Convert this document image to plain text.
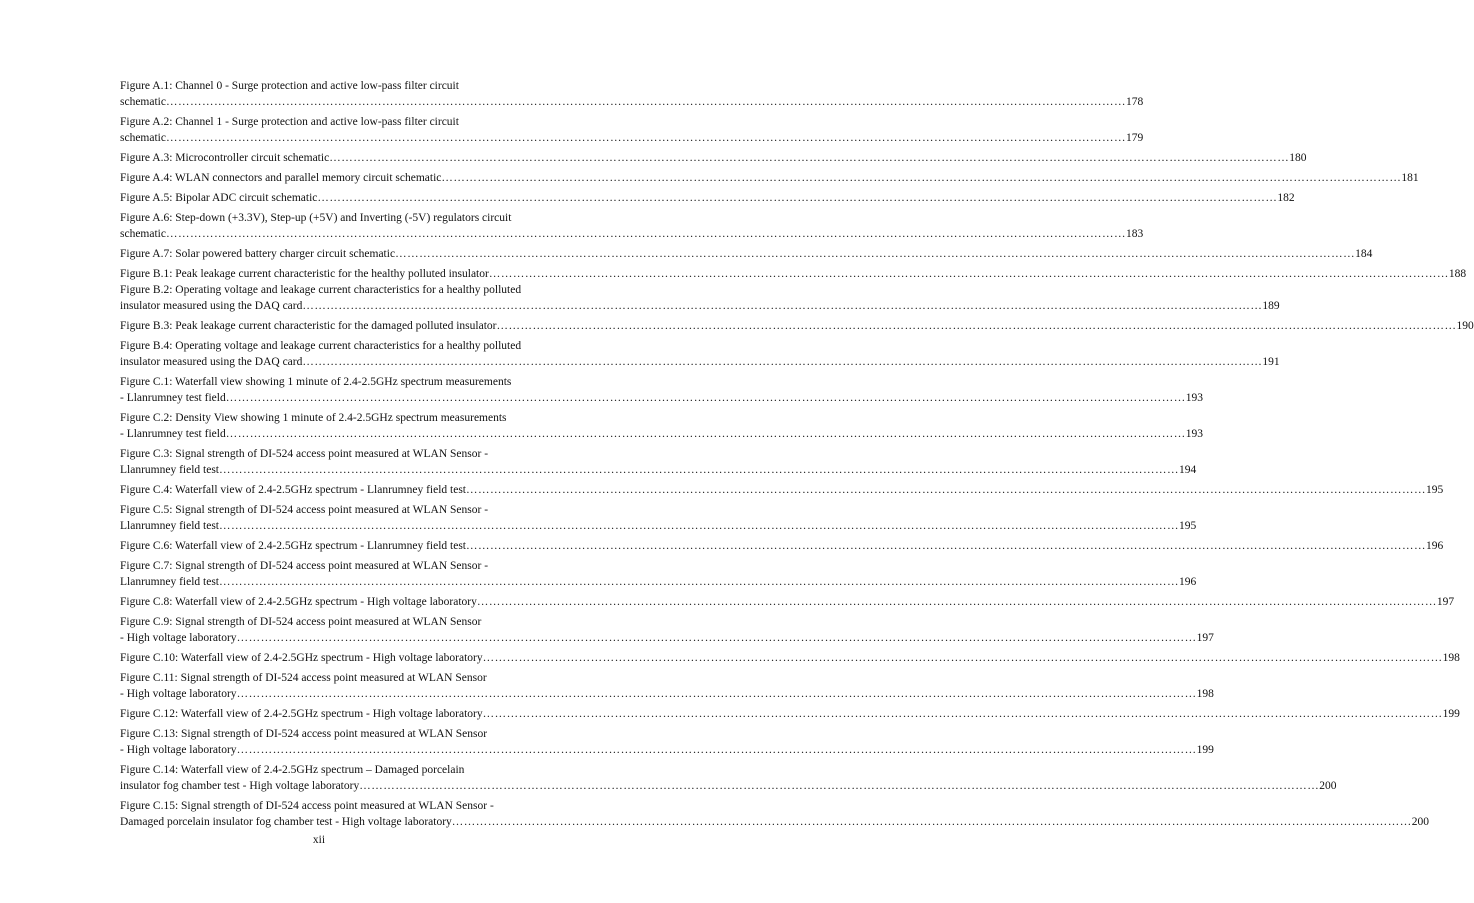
Figure A.1: Channel 0 - Surge protection and active low-pass filter circuit
schematic …………………………………………………………………………………………………………………………………………………………………………………………………………………… 178
Figure A.2: Channel 1 - Surge protection and active low-pass filter circuit
schematic …………………………………………………………………………………………………………………………………………………………………………………………………………………… 179
Figure A.3: Microcontroller circuit schematic …………………………………………………………………………………………………………………………………………………………………………………………………………………… 180
Figure A.4: WLAN connectors and parallel memory circuit schematic …………………………………………………………………………………………………………………………………………………………………………………………………………………… 181
Figure A.5: Bipolar ADC circuit schematic …………………………………………………………………………………………………………………………………………………………………………………………………………………… 182
Figure A.6: Step-down (+3.3V), Step-up (+5V) and Inverting (-5V) regulators circuit
schematic …………………………………………………………………………………………………………………………………………………………………………………………………………………… 183
Figure A.7: Solar powered battery charger circuit schematic …………………………………………………………………………………………………………………………………………………………………………………………………………………… 184
Figure B.1: Peak leakage current characteristic for the healthy polluted insulator …………………………………………………………………………………………………………………………………………………………………………………………………………………… 188
Figure B.2: Operating voltage and leakage current characteristics for a healthy polluted
insulator measured using the DAQ card …………………………………………………………………………………………………………………………………………………………………………………………………………………… 189
Figure B.3: Peak leakage current characteristic for the damaged polluted insulator …………………………………………………………………………………………………………………………………………………………………………………………………………………… 190
Figure B.4: Operating voltage and leakage current characteristics for a healthy polluted
insulator measured using the DAQ card …………………………………………………………………………………………………………………………………………………………………………………………………………………… 191
Figure C.1: Waterfall view showing 1 minute of 2.4-2.5GHz spectrum measurements
- Llanrumney test field …………………………………………………………………………………………………………………………………………………………………………………………………………………… 193
Figure C.2: Density View showing 1 minute of 2.4-2.5GHz spectrum measurements
- Llanrumney test field …………………………………………………………………………………………………………………………………………………………………………………………………………………… 193
Figure C.3: Signal strength of DI-524 access point measured at WLAN Sensor -
Llanrumney field test …………………………………………………………………………………………………………………………………………………………………………………………………………………… 194
Figure C.4: Waterfall view of 2.4-2.5GHz spectrum - Llanrumney field test …………………………………………………………………………………………………………………………………………………………………………………………………………………… 195
Figure C.5: Signal strength of DI-524 access point measured at WLAN Sensor -
Llanrumney field test …………………………………………………………………………………………………………………………………………………………………………………………………………………… 195
Figure C.6: Waterfall view of 2.4-2.5GHz spectrum - Llanrumney field test …………………………………………………………………………………………………………………………………………………………………………………………………………………… 196
Figure C.7: Signal strength of DI-524 access point measured at WLAN Sensor -
Llanrumney field test …………………………………………………………………………………………………………………………………………………………………………………………………………………… 196
Figure C.8: Waterfall view of 2.4-2.5GHz spectrum - High voltage laboratory …………………………………………………………………………………………………………………………………………………………………………………………………………………… 197
Figure C.9: Signal strength of DI-524 access point measured at WLAN Sensor
- High voltage laboratory …………………………………………………………………………………………………………………………………………………………………………………………………………………… 197
Figure C.10: Waterfall view of 2.4-2.5GHz spectrum - High voltage laboratory …………………………………………………………………………………………………………………………………………………………………………………………………………………… 198
Figure C.11: Signal strength of DI-524 access point measured at WLAN Sensor
- High voltage laboratory …………………………………………………………………………………………………………………………………………………………………………………………………………………… 198
Figure C.12: Waterfall view of 2.4-2.5GHz spectrum - High voltage laboratory …………………………………………………………………………………………………………………………………………………………………………………………………………………… 199
Figure C.13: Signal strength of DI-524 access point measured at WLAN Sensor
- High voltage laboratory …………………………………………………………………………………………………………………………………………………………………………………………………………………… 199
Figure C.14: Waterfall view of 2.4-2.5GHz spectrum – Damaged porcelain
insulator fog chamber test - High voltage laboratory …………………………………………………………………………………………………………………………………………………………………………………………………………………… 200
Figure C.15: Signal strength of DI-524 access point measured at WLAN Sensor -
Damaged porcelain insulator fog chamber test - High voltage laboratory …………………………………………………………………………………………………………………………………………………………………………………………………………………… 200
xii
